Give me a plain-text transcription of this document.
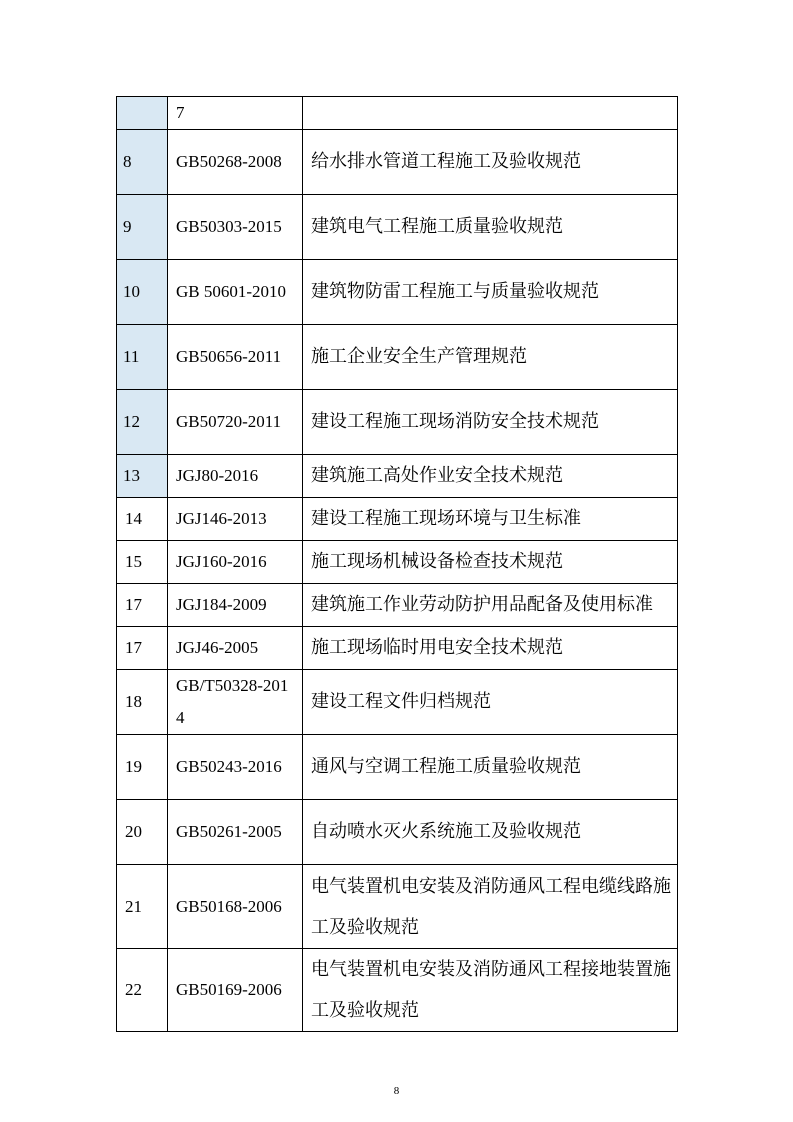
	7	
8	GB50268-2008	给水排水管道工程施工及验收规范
9	GB50303-2015	建筑电气工程施工质量验收规范
10	GB 50601-2010	建筑物防雷工程施工与质量验收规范
11	GB50656-2011	施工企业安全生产管理规范
12	GB50720-2011	建设工程施工现场消防安全技术规范
13	JGJ80-2016	建筑施工高处作业安全技术规范
14	JGJ146-2013	建设工程施工现场环境与卫生标准
15	JGJ160-2016	施工现场机械设备检查技术规范
17	JGJ184-2009	建筑施工作业劳动防护用品配备及使用标准
17	JGJ46-2005	施工现场临时用电安全技术规范
18	GB/T50328-2014	建设工程文件归档规范
19	GB50243-2016	通风与空调工程施工质量验收规范
20	GB50261-2005	自动喷水灭火系统施工及验收规范
21	GB50168-2006	电气装置机电安装及消防通风工程电缆线路施工及验收规范
22	GB50169-2006	电气装置机电安装及消防通风工程接地装置施工及验收规范
8
